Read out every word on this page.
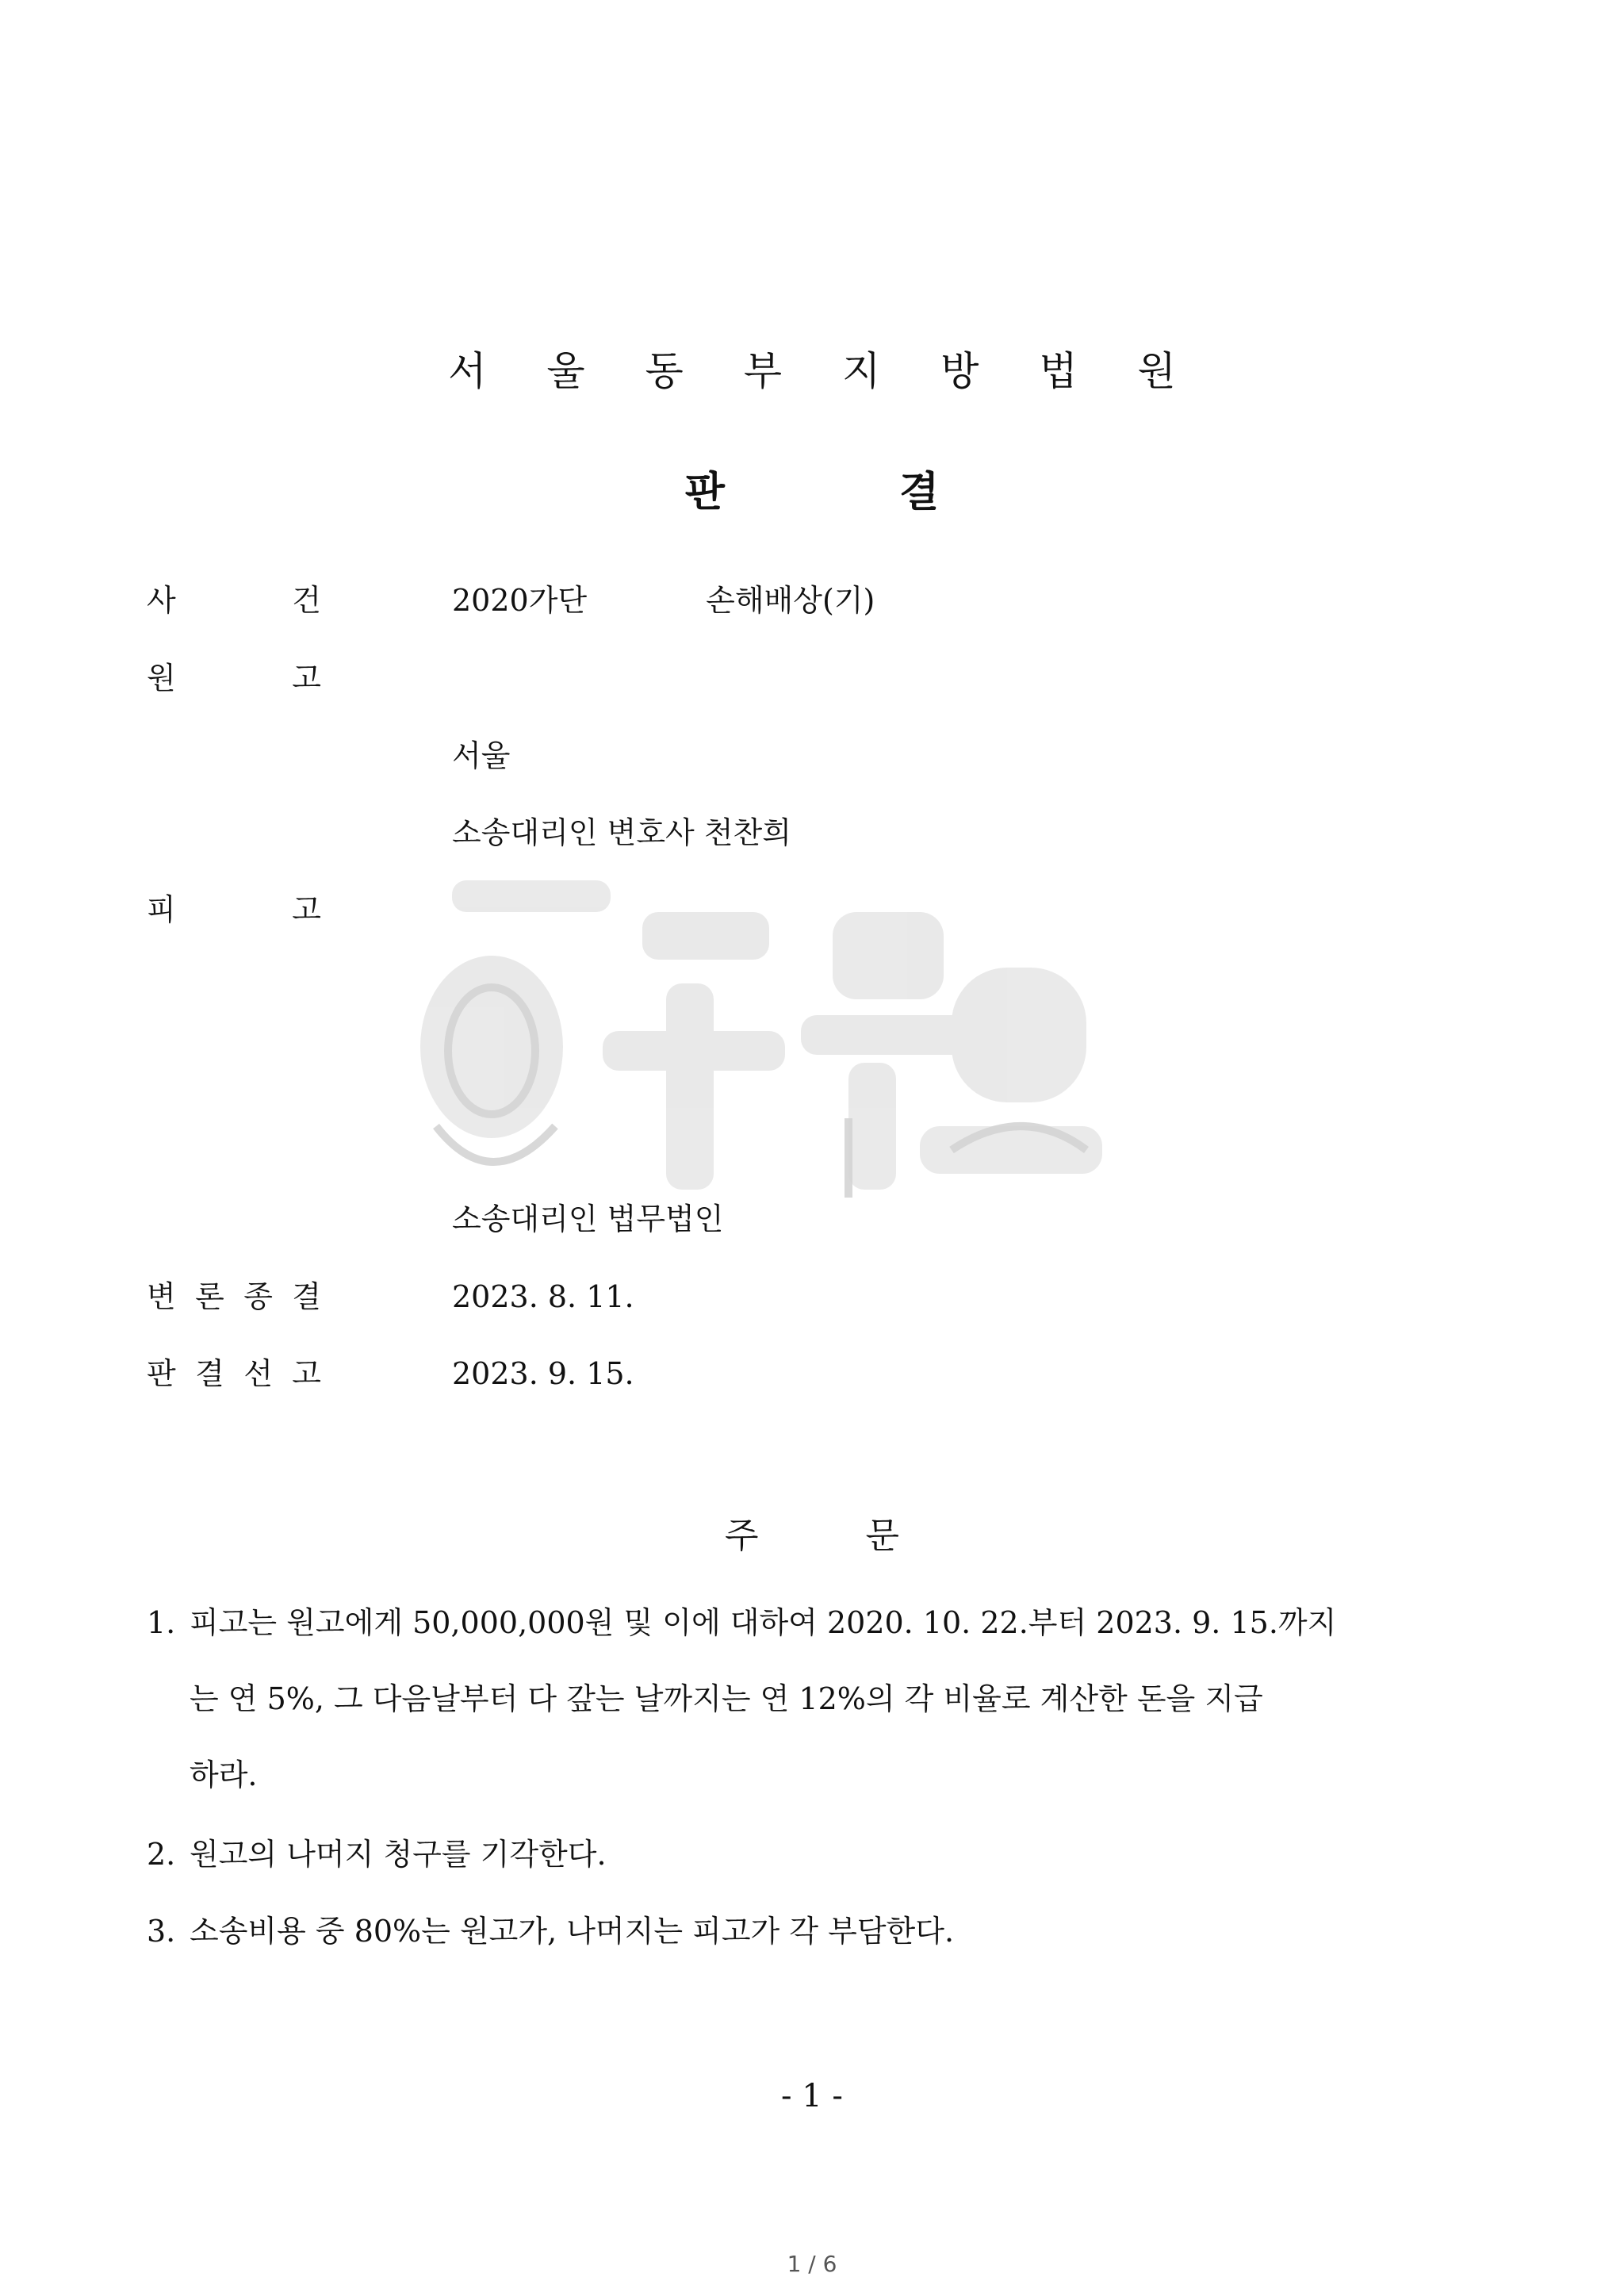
서 울 동 부 지 방 법 원
판	결
사	건	2020가단	손해배상(기)
원	고
서울
소송대리인 변호사 천찬희
피	고
소송대리인 법무법인
변 론 종 결	2023. 8. 11.
판 결 선 고	2023. 9. 15.
주	문
1. 피고는 원고에게 50,000,000원 및 이에 대하여 2020. 10. 22.부터 2023. 9. 15.까지
는 연 5%, 그 다음날부터 다 갚는 날까지는 연 12%의 각 비율로 계산한 돈을 지급
하라.
2. 원고의 나머지 청구를 기각한다.
3. 소송비용 중 80%는 원고가, 나머지는 피고가 각 부담한다.
- 1 -
1 / 6
